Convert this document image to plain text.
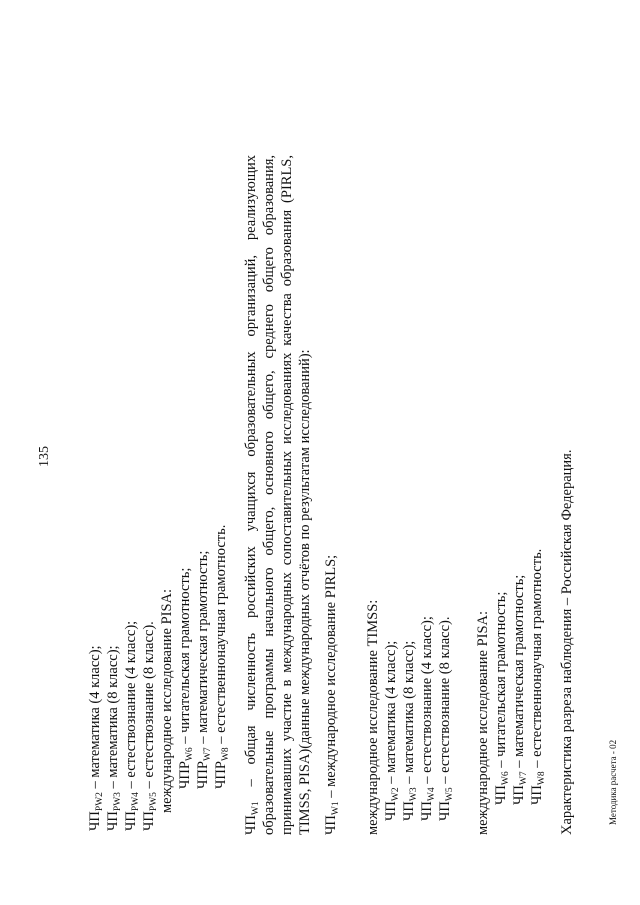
135
$ЧП_{PW2}$ – математика (4 класс);
$ЧП_{PW3}$ – математика (8 класс);
$ЧП_{PW4}$ – естествознание (4 класс);
$ЧП_{PW5}$ – естествознание (8 класс). международное исследование PISA: $ЧПР_{W6}$ – читательская грамотность;
$ЧПР_{W7}$ – математическая грамотность;
$ЧПР_{W8}$ – естественнонаучная грамотность.
$ЧП_{W1}$ – общая численность российских учащихся образовательных организаций, реализующих образовательные программы начального общего, основного общего, среднего общего образования, принимавших участие в международных сопоставительных исследованиях качества образования (PIRLS, TIMSS, PISA)(данные международных отчётов по результатам исследований): $ЧП_{W1}$ – международное исследование PIRLS; международное исследование TIMSS: $ЧП_{W2}$ – математика (4 класс);
$ЧП_{W3}$ – математика (8 класс);
$ЧП_{W4}$ – естествознание (4 класс);
$ЧП_{W5}$ – естествознание (8 класс). международное исследование PISA: $ЧП_{W6}$ – читательская грамотность;
$ЧП_{W7}$ – математическая грамотность;
$ЧП_{W8}$ – естественнонаучная грамотность. Характеристика разреза наблюдения – Российская Федерация.	Методика расчета - 02
